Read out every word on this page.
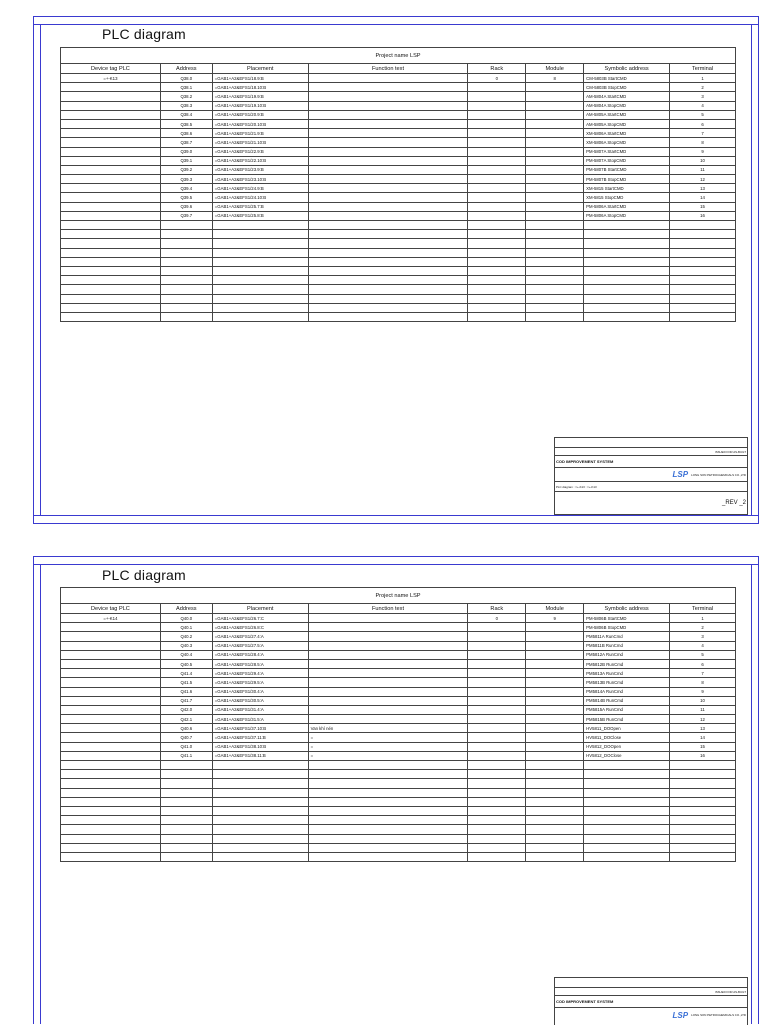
PLC diagram
Project name LSP							
Device tag PLC	Address	Placement	Function text	Rack	Module	Symbolic address	Terminal
=+-K13	Q38.0	=GAB1+A2&EFS1/18.9:B		0	8	CM-5803B StartCMD	1
	Q38.1	=GAB1+A2&EFS1/18.10:B				CM-5803B StopCMD	2
	Q38.2	=GAB1+A2&EFS1/19.9:B				AM-5804A StartCMD	3
	Q38.3	=GAB1+A2&EFS1/19.10:B				AM-5804A StopCMD	4
	Q38.4	=GAB1+A2&EFS1/20.9:B				AM-5805A StartCMD	5
	Q38.5	=GAB1+A2&EFS1/20.10:B				AM-5805A StopCMD	6
	Q38.6	=GAB1+A2&EFS1/21.9:B				XM-5806A StartCMD	7
	Q38.7	=GAB1+A2&EFS1/21.10:B				XM-5806A StopCMD	8
	Q39.0	=GAB1+A2&EFS1/22.9:B				PM-5807A StartCMD	9
	Q39.1	=GAB1+A2&EFS1/22.10:B				PM-5807A StopCMD	10
	Q39.2	=GAB1+A2&EFS1/23.9:B				PM-5807B StartCMD	11
	Q39.3	=GAB1+A2&EFS1/23.10:B				PM-5807B StopCMD	12
	Q39.4	=GAB1+A2&EFS1/24.9:B				XM-5815 StartCMD	13
	Q39.5	=GAB1+A2&EFS1/24.10:B				XM-5815 StopCMD	14
	Q39.6	=GAB1+A2&EFS1/25.7:B				PM-5806A StartCMD	15
	Q39.7	=GAB1+A2&EFS1/25.8:B				PM-5806A StopCMD	16

ISSUED FOR AS-BUILT
COD IMPROVEMENT SYSTEM
LSP LONG SON PETROCHEMICALS CO.,LTD
PLC diagram : =+-K13 : =+-K13
_REV _2
PLC diagram
Project name LSP							
Device tag PLC	Address	Placement	Function text	Rack	Module	Symbolic address	Terminal
=+-K14	Q40.0	=GAB1+A2&EFS1/26.7:C		0	9	PM-5806B StartCMD	1
	Q40.1	=GAB1+A2&EFS1/26.8:C				PM-5806B StopCMD	2
	Q40.2	=GAB1+A2&EFS1/27.4:A				PM5811A RunCmd	3
	Q40.3	=GAB1+A2&EFS1/27.5:A				PM5811B RunCmd	4
	Q40.4	=GAB1+A2&EFS1/28.4:A				PM5812A RunCmd	5
	Q40.5	=GAB1+A2&EFS1/28.5:A				PM5812B RunCmd	6
	Q41.4	=GAB1+A2&EFS1/29.4:A				PM5813A RunCmd	7
	Q41.5	=GAB1+A2&EFS1/29.5:A				PM5813B RunCmd	8
	Q41.6	=GAB1+A2&EFS1/30.4:A				PM5814A RunCmd	9
	Q41.7	=GAB1+A2&EFS1/30.5:A				PM5814B RunCmd	10
	Q42.0	=GAB1+A2&EFS1/31.4:A				PM5815A RunCmd	11
	Q42.1	=GAB1+A2&EFS1/31.5:A				PM5815B RunCmd	12
	Q40.6	=GAB1+A2&EFS1/37.10:B	Van khí nén			HV5811_DOOpen	13
	Q40.7	=GAB1+A2&EFS1/37.11:B	=			HV5811_DOClose	14
	Q41.0	=GAB1+A2&EFS1/38.10:B	=			HV5812_DOOpen	15
	Q41.1	=GAB1+A2&EFS1/38.11:B	=			HV5812_DOClose	16

ISSUED FOR AS-BUILT
COD IMPROVEMENT SYSTEM
LSP LONG SON PETROCHEMICALS CO.,LTD
